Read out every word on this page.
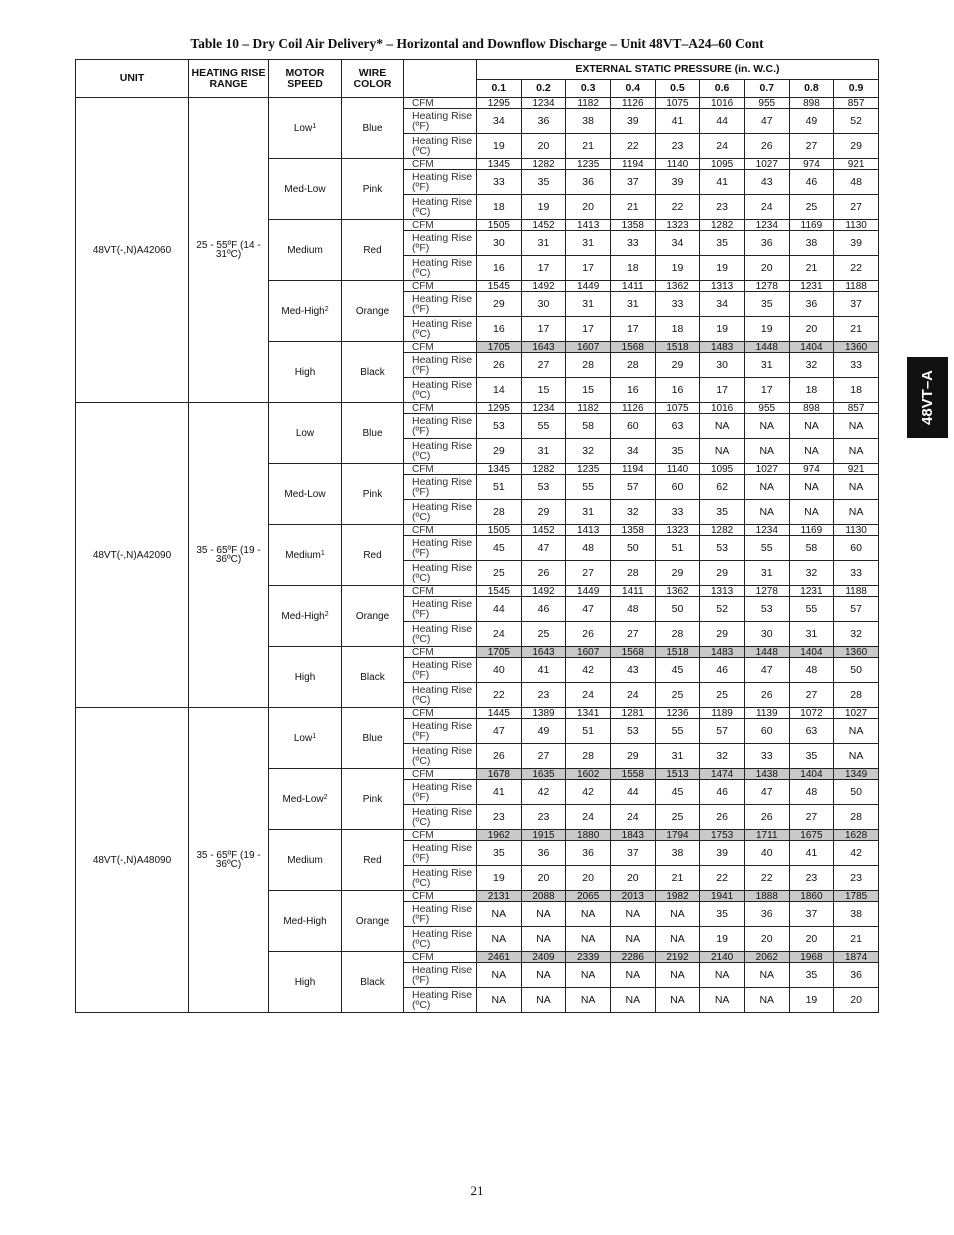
Table 10 – Dry Coil Air Delivery* – Horizontal and Downflow Discharge – Unit 48VT–A24–60 Cont
UNIT	HEATING RISE RANGE	MOTOR SPEED	WIRE COLOR		EXTERNAL STATIC PRESSURE (in. W.C.)								
					0.1	0.2	0.3	0.4	0.5	0.6	0.7	0.8	0.9
48VT(-,N)A42060	25 - 55ºF (14 - 31ºC)	Low$^1$	Blue	CFM	1295	1234	1182	1126	1075	1016	955	898	857
				Heating Rise (ºF)	34	36	38	39	41	44	47	49	52
				Heating Rise (ºC)	19	20	21	22	23	24	26	27	29
		Med-Low	Pink	CFM	1345	1282	1235	1194	1140	1095	1027	974	921
				Heating Rise (ºF)	33	35	36	37	39	41	43	46	48
				Heating Rise (ºC)	18	19	20	21	22	23	24	25	27
		Medium	Red	CFM	1505	1452	1413	1358	1323	1282	1234	1169	1130
				Heating Rise (ºF)	30	31	31	33	34	35	36	38	39
				Heating Rise (ºC)	16	17	17	18	19	19	20	21	22
		Med-High$^2$	Orange	CFM	1545	1492	1449	1411	1362	1313	1278	1231	1188
				Heating Rise (ºF)	29	30	31	31	33	34	35	36	37
				Heating Rise (ºC)	16	17	17	17	18	19	19	20	21
		High	Black	CFM	1705	1643	1607	1568	1518	1483	1448	1404	1360
				Heating Rise (ºF)	26	27	28	28	29	30	31	32	33
				Heating Rise (ºC)	14	15	15	16	16	17	17	18	18
48VT(-,N)A42090	35 - 65ºF (19 - 36ºC)	Low	Blue	CFM	1295	1234	1182	1126	1075	1016	955	898	857
				Heating Rise (ºF)	53	55	58	60	63	NA	NA	NA	NA
				Heating Rise (ºC)	29	31	32	34	35	NA	NA	NA	NA
		Med-Low	Pink	CFM	1345	1282	1235	1194	1140	1095	1027	974	921
				Heating Rise (ºF)	51	53	55	57	60	62	NA	NA	NA
				Heating Rise (ºC)	28	29	31	32	33	35	NA	NA	NA
		Medium$^1$	Red	CFM	1505	1452	1413	1358	1323	1282	1234	1169	1130
				Heating Rise (ºF)	45	47	48	50	51	53	55	58	60
				Heating Rise (ºC)	25	26	27	28	29	29	31	32	33
		Med-High$^2$	Orange	CFM	1545	1492	1449	1411	1362	1313	1278	1231	1188
				Heating Rise (ºF)	44	46	47	48	50	52	53	55	57
				Heating Rise (ºC)	24	25	26	27	28	29	30	31	32
		High	Black	CFM	1705	1643	1607	1568	1518	1483	1448	1404	1360
				Heating Rise (ºF)	40	41	42	43	45	46	47	48	50
				Heating Rise (ºC)	22	23	24	24	25	25	26	27	28
48VT(-,N)A48090	35 - 65ºF (19 - 36ºC)	Low$^1$	Blue	CFM	1445	1389	1341	1281	1236	1189	1139	1072	1027
				Heating Rise (ºF)	47	49	51	53	55	57	60	63	NA
				Heating Rise (ºC)	26	27	28	29	31	32	33	35	NA
		Med-Low$^2$	Pink	CFM	1678	1635	1602	1558	1513	1474	1438	1404	1349
				Heating Rise (ºF)	41	42	42	44	45	46	47	48	50
				Heating Rise (ºC)	23	23	24	24	25	26	26	27	28
		Medium	Red	CFM	1962	1915	1880	1843	1794	1753	1711	1675	1628
				Heating Rise (ºF)	35	36	36	37	38	39	40	41	42
				Heating Rise (ºC)	19	20	20	20	21	22	22	23	23
		Med-High	Orange	CFM	2131	2088	2065	2013	1982	1941	1888	1860	1785
				Heating Rise (ºF)	NA	NA	NA	NA	NA	35	36	37	38
				Heating Rise (ºC)	NA	NA	NA	NA	NA	19	20	20	21
		High	Black	CFM	2461	2409	2339	2286	2192	2140	2062	1968	1874
				Heating Rise (ºF)	NA	NA	NA	NA	NA	NA	NA	35	36
				Heating Rise (ºC)	NA	NA	NA	NA	NA	NA	NA	19	20
48VT–A
21
